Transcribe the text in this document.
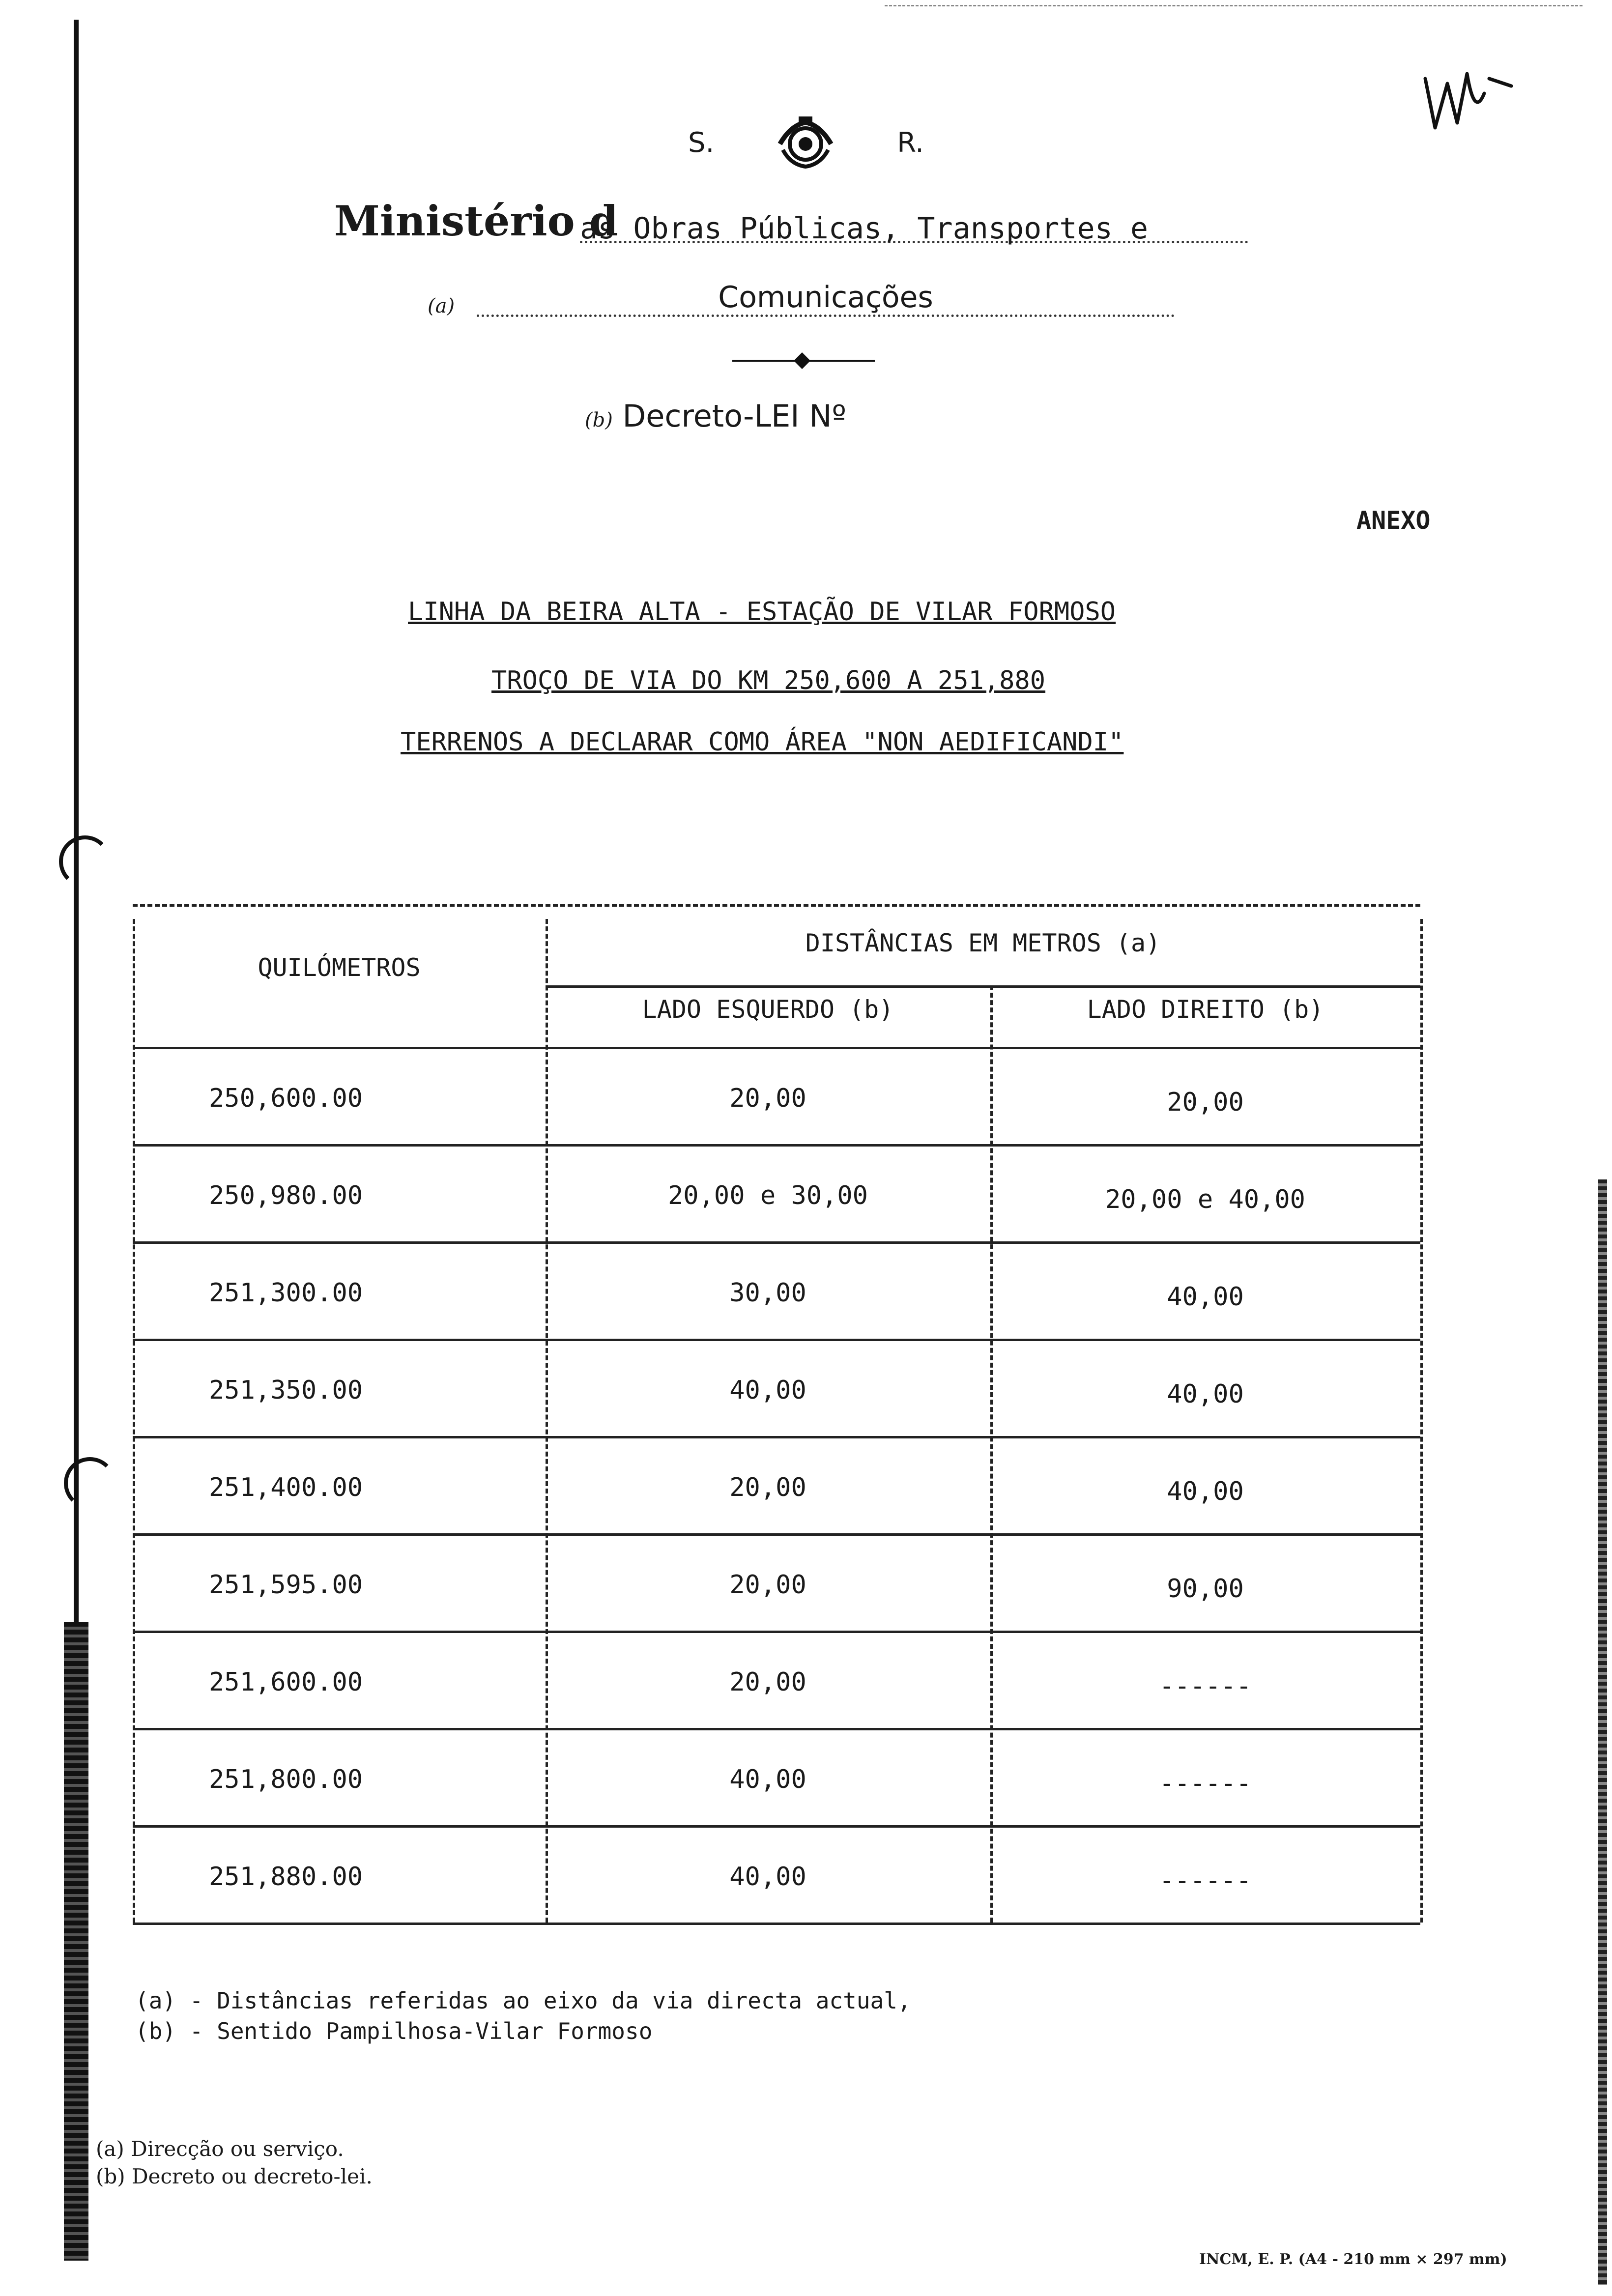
S.	R.
Ministério d
as Obras Públicas, Transportes e
(a)	Comunicações
(b) Decreto-LEI Nº
ANEXO
LINHA DA BEIRA ALTA - ESTAÇÃO DE VILAR FORMOSO
TROÇO DE VIA DO KM 250,600 A 251,880
TERRENOS A DECLARAR COMO ÁREA "NON AEDIFICANDI"
QUILÓMETROS
DISTÂNCIAS EM METROS (a)
LADO ESQUERDO (b)	LADO DIREITO (b)
250,600.00	20,00	20,00
250,980.00	20,00 e 30,00	20,00 e 40,00
251,300.00	30,00	40,00
251,350.00	40,00	40,00
251,400.00	20,00	40,00
251,595.00	20,00	90,00
251,600.00	20,00	------
251,800.00	40,00	------
251,880.00	40,00	------
(a) - Distâncias referidas ao eixo da via directa actual,
(b) - Sentido Pampilhosa-Vilar Formoso
(a) Direcção ou serviço.
(b) Decreto ou decreto-lei.
INCM, E. P. (A4 - 210 mm × 297 mm)
